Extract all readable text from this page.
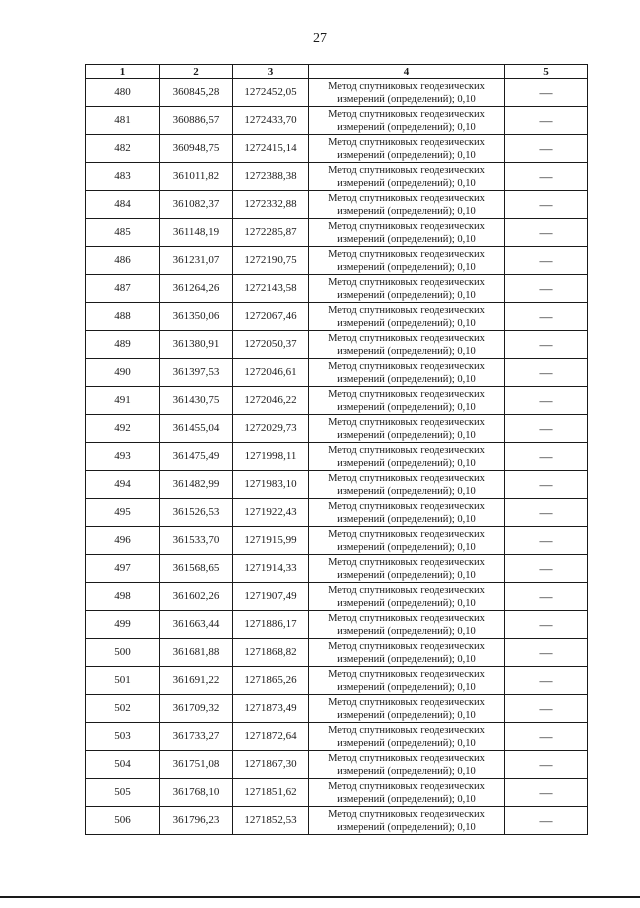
27
1	2	3	4	5
480	360845,28	1272452,05	Метод спутниковых геодезических
измерений (определений); 0,10	—
481	360886,57	1272433,70	Метод спутниковых геодезических
измерений (определений); 0,10	—
482	360948,75	1272415,14	Метод спутниковых геодезических
измерений (определений); 0,10	—
483	361011,82	1272388,38	Метод спутниковых геодезических
измерений (определений); 0,10	—
484	361082,37	1272332,88	Метод спутниковых геодезических
измерений (определений); 0,10	—
485	361148,19	1272285,87	Метод спутниковых геодезических
измерений (определений); 0,10	—
486	361231,07	1272190,75	Метод спутниковых геодезических
измерений (определений); 0,10	—
487	361264,26	1272143,58	Метод спутниковых геодезических
измерений (определений); 0,10	—
488	361350,06	1272067,46	Метод спутниковых геодезических
измерений (определений); 0,10	—
489	361380,91	1272050,37	Метод спутниковых геодезических
измерений (определений); 0,10	—
490	361397,53	1272046,61	Метод спутниковых геодезических
измерений (определений); 0,10	—
491	361430,75	1272046,22	Метод спутниковых геодезических
измерений (определений); 0,10	—
492	361455,04	1272029,73	Метод спутниковых геодезических
измерений (определений); 0,10	—
493	361475,49	1271998,11	Метод спутниковых геодезических
измерений (определений); 0,10	—
494	361482,99	1271983,10	Метод спутниковых геодезических
измерений (определений); 0,10	—
495	361526,53	1271922,43	Метод спутниковых геодезических
измерений (определений); 0,10	—
496	361533,70	1271915,99	Метод спутниковых геодезических
измерений (определений); 0,10	—
497	361568,65	1271914,33	Метод спутниковых геодезических
измерений (определений); 0,10	—
498	361602,26	1271907,49	Метод спутниковых геодезических
измерений (определений); 0,10	—
499	361663,44	1271886,17	Метод спутниковых геодезических
измерений (определений); 0,10	—
500	361681,88	1271868,82	Метод спутниковых геодезических
измерений (определений); 0,10	—
501	361691,22	1271865,26	Метод спутниковых геодезических
измерений (определений); 0,10	—
502	361709,32	1271873,49	Метод спутниковых геодезических
измерений (определений); 0,10	—
503	361733,27	1271872,64	Метод спутниковых геодезических
измерений (определений); 0,10	—
504	361751,08	1271867,30	Метод спутниковых геодезических
измерений (определений); 0,10	—
505	361768,10	1271851,62	Метод спутниковых геодезических
измерений (определений); 0,10	—
506	361796,23	1271852,53	Метод спутниковых геодезических
измерений (определений); 0,10	—
